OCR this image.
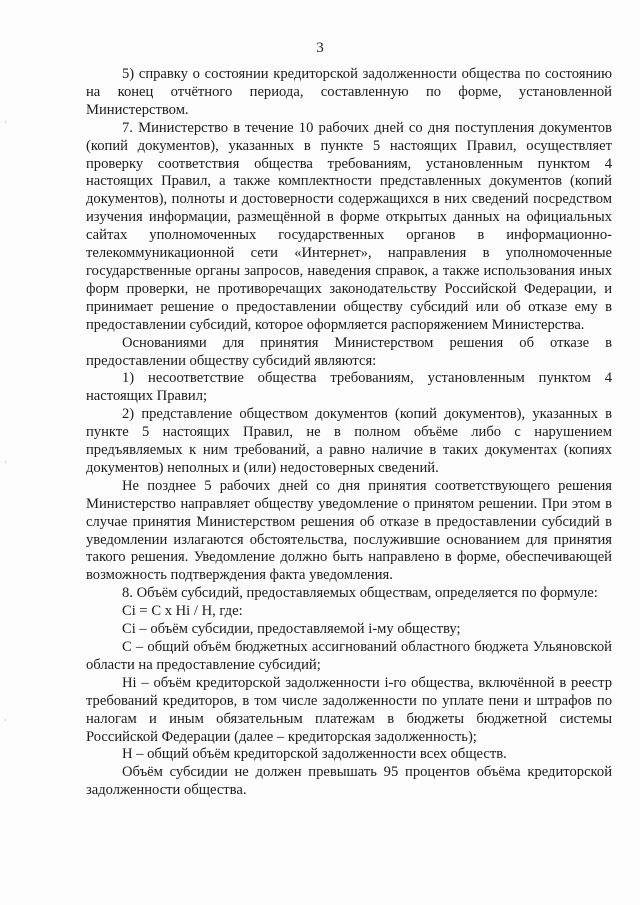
3
·
·
·

5) справку о состоянии кредиторской задолженности общества по состоянию на конец отчётного периода, составленную по форме, установленной Министерством.

7. Министерство в течение 10 рабочих дней со дня поступления документов (копий документов), указанных в пункте 5 настоящих Правил, осуществляет проверку соответствия общества требованиям, установленным пунктом 4 настоящих Правил, а также комплектности представленных документов (копий документов), полноты и достоверности содержащихся в них сведений посредством изучения информации, размещённой в форме открытых данных на официальных сайтах уполномоченных государственных органов в информационно-телекоммуникационной сети «Интернет», направления в уполномоченные государственные органы запросов, наведения справок, а также использования иных форм проверки, не противоречащих законодательству Российской Федерации, и принимает решение о предоставлении обществу субсидий или об отказе ему в предоставлении субсидий, которое оформляется распоряжением Министерства.

Основаниями для принятия Министерством решения об отказе в предоставлении обществу субсидий являются:

1) несоответствие общества требованиям, установленным пунктом 4 настоящих Правил;

2) представление обществом документов (копий документов), указанных в пункте 5 настоящих Правил, не в полном объёме либо с нарушением предъявляемых к ним требований, а равно наличие в таких документах (копиях документов) неполных и (или) недостоверных сведений.

Не позднее 5 рабочих дней со дня принятия соответствующего решения Министерство направляет обществу уведомление о принятом решении. При этом в случае принятия Министерством решения об отказе в предоставлении субсидий в уведомлении излагаются обстоятельства, послужившие основанием для принятия такого решения. Уведомление должно быть направлено в форме, обеспечивающей возможность подтверждения факта уведомления.

8. Объём субсидий, предоставляемых обществам, определяется по формуле:

Ci = C x Hi / H, где:

Ci – объём субсидии, предоставляемой i-му обществу;

C – общий объём бюджетных ассигнований областного бюджета Ульяновской области на предоставление субсидий;

Hi – объём кредиторской задолженности i-го общества, включённой в реестр требований кредиторов, в том числе задолженности по уплате пени и штрафов по налогам и иным обязательным платежам в бюджеты бюджетной системы Российской Федерации (далее – кредиторская задолженность);

H – общий объём кредиторской задолженности всех обществ.

Объём субсидии не должен превышать 95 процентов объёма кредиторской задолженности общества.
